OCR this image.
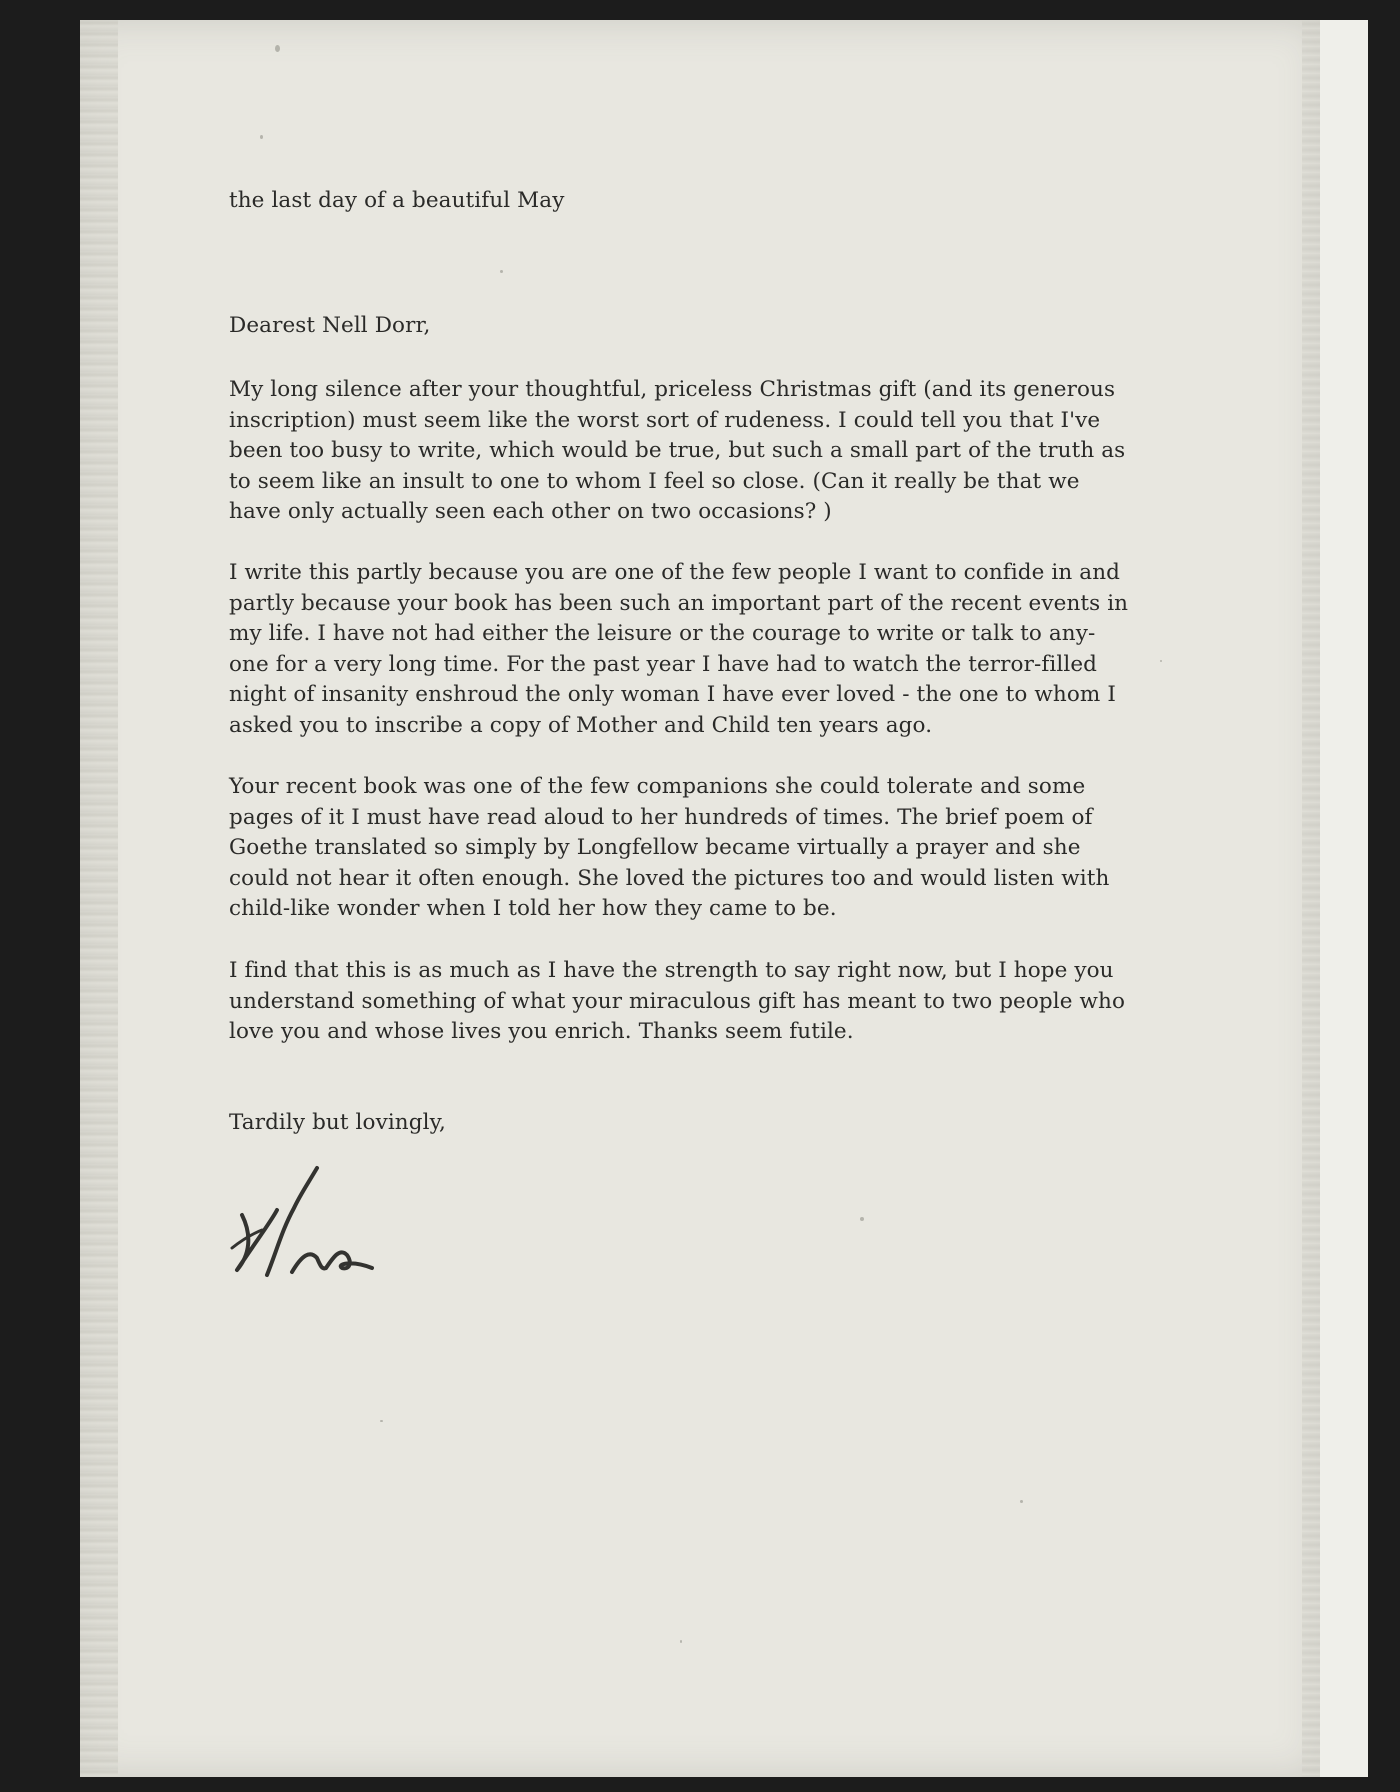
the last day of a beautiful May
Dearest Nell Dorr,

My long silence after your thoughtful, priceless Christmas gift (and its generous
inscription) must seem like the worst sort of rudeness. I could tell you that I've
been too busy to write, which would be true, but such a small part of the truth as
to seem like an insult to one to whom I feel so close. (Can it really be that we
have only actually seen each other on two occasions? )

I write this partly because you are one of the few people I want to confide in and
partly because your book has been such an important part of the recent events in
my life. I have not had either the leisure or the courage to write or talk to any-
one for a very long time. For the past year I have had to watch the terror-filled
night of insanity enshroud the only woman I have ever loved - the one to whom I
asked you to inscribe a copy of Mother and Child ten years ago.

Your recent book was one of the few companions she could tolerate and some
pages of it I must have read aloud to her hundreds of times. The brief poem of
Goethe translated so simply by Longfellow became virtually a prayer and she
could not hear it often enough. She loved the pictures too and would listen with
child-like wonder when I told her how they came to be.

I find that this is as much as I have the strength to say right now, but I hope you
understand something of what your miraculous gift has meant to two people who
love you and whose lives you enrich. Thanks seem futile.

Tardily but lovingly,
